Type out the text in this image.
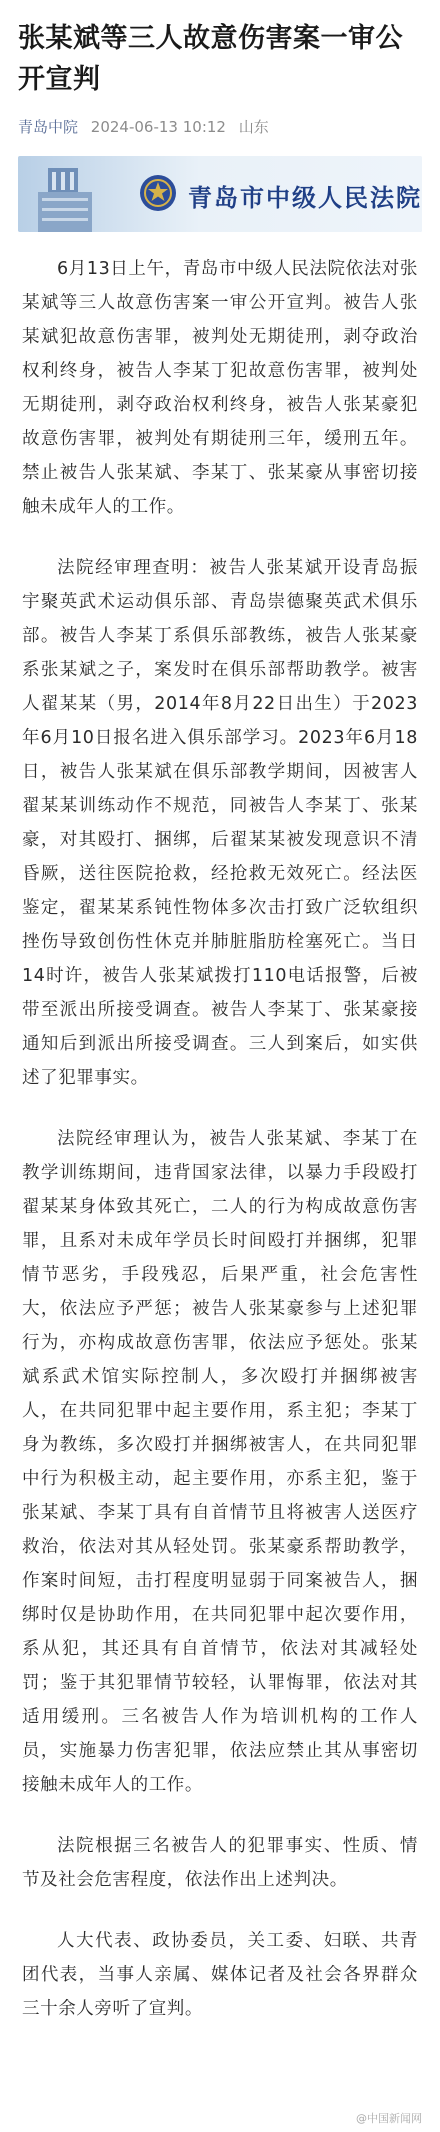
张某斌等三人故意伤害案一审公开宣判
青岛中院 2024-06-13 10:12 山东
青岛市中级人民法院

6月13日上午，青岛市中级人民法院依法对张某斌等三人故意伤害案一审公开宣判。被告人张某斌犯故意伤害罪，被判处无期徒刑，剥夺政治权利终身，被告人李某丁犯故意伤害罪，被判处无期徒刑，剥夺政治权利终身，被告人张某豪犯故意伤害罪，被判处有期徒刑三年，缓刑五年。禁止被告人张某斌、李某丁、张某豪从事密切接触未成年人的工作。

法院经审理查明：被告人张某斌开设青岛振宇聚英武术运动俱乐部、青岛崇德聚英武术俱乐部。被告人李某丁系俱乐部教练，被告人张某豪系张某斌之子，案发时在俱乐部帮助教学。被害人翟某某（男，2014年8月22日出生）于2023年6月10日报名进入俱乐部学习。2023年6月18日，被告人张某斌在俱乐部教学期间，因被害人翟某某训练动作不规范，同被告人李某丁、张某豪，对其殴打、捆绑，后翟某某被发现意识不清昏厥，送往医院抢救，经抢救无效死亡。经法医鉴定，翟某某系钝性物体多次击打致广泛软组织挫伤导致创伤性休克并肺脏脂肪栓塞死亡。当日14时许，被告人张某斌拨打110电话报警，后被带至派出所接受调查。被告人李某丁、张某豪接通知后到派出所接受调查。三人到案后，如实供述了犯罪事实。

法院经审理认为，被告人张某斌、李某丁在教学训练期间，违背国家法律，以暴力手段殴打翟某某身体致其死亡，二人的行为构成故意伤害罪，且系对未成年学员长时间殴打并捆绑，犯罪情节恶劣，手段残忍，后果严重，社会危害性大，依法应予严惩；被告人张某豪参与上述犯罪行为，亦构成故意伤害罪，依法应予惩处。张某斌系武术馆实际控制人，多次殴打并捆绑被害人，在共同犯罪中起主要作用，系主犯；李某丁身为教练，多次殴打并捆绑被害人，在共同犯罪中行为积极主动，起主要作用，亦系主犯，鉴于张某斌、李某丁具有自首情节且将被害人送医疗救治，依法对其从轻处罚。张某豪系帮助教学，作案时间短，击打程度明显弱于同案被告人，捆绑时仅是协助作用，在共同犯罪中起次要作用，系从犯，其还具有自首情节，依法对其减轻处罚；鉴于其犯罪情节较轻，认罪悔罪，依法对其适用缓刑。三名被告人作为培训机构的工作人员，实施暴力伤害犯罪，依法应禁止其从事密切接触未成年人的工作。

法院根据三名被告人的犯罪事实、性质、情节及社会危害程度，依法作出上述判决。

人大代表、政协委员，关工委、妇联、共青团代表，当事人亲属、媒体记者及社会各界群众三十余人旁听了宣判。

@中国新闻网
